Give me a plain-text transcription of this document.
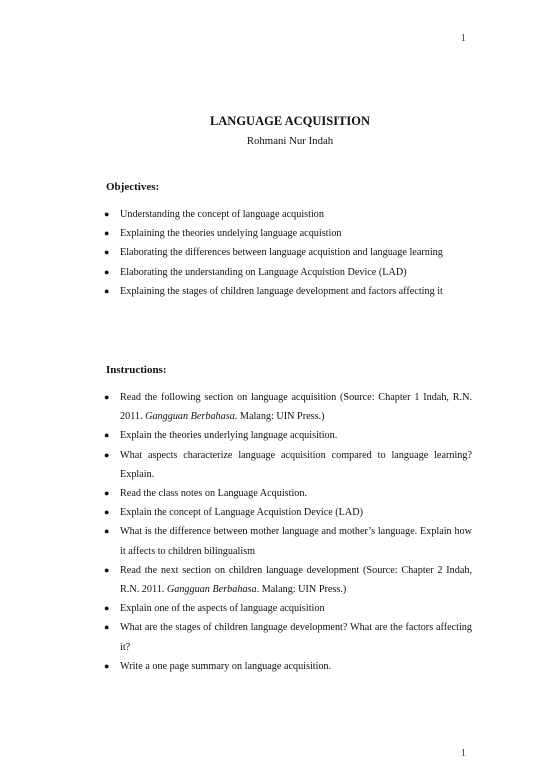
1
LANGUAGE ACQUISITION
Rohmani Nur Indah
Objectives:
● Understanding the concept of language acquistion
● Explaining the theories undelying language acquistion
● Elaborating the differences between language acquistion and language learning
● Elaborating the understanding on Language Acquistion Device (LAD)
● Explaining the stages of children language development and factors affecting it
Instructions:
● Read the following section on language acquisition (Source: Chapter 1 Indah, R.N. 2011. Gangguan Berbahasa. Malang: UIN Press.)
● Explain the theories underlying language acquisition.
● What aspects characterize language acquisition compared to language learning? Explain.
● Read the class notes on Language Acquistion.
● Explain the concept of Language Acquistion Device (LAD)
● What is the difference between mother language and mother’s language. Explain how it affects to children bilingualism
● Read the next section on children language development (Source: Chapter 2 Indah, R.N. 2011. Gangguan Berbahasa. Malang: UIN Press.)
● Explain one of the aspects of language acquisition
● What are the stages of children language development? What are the factors affecting it?
● Write a one page summary on language acquisition.
1
